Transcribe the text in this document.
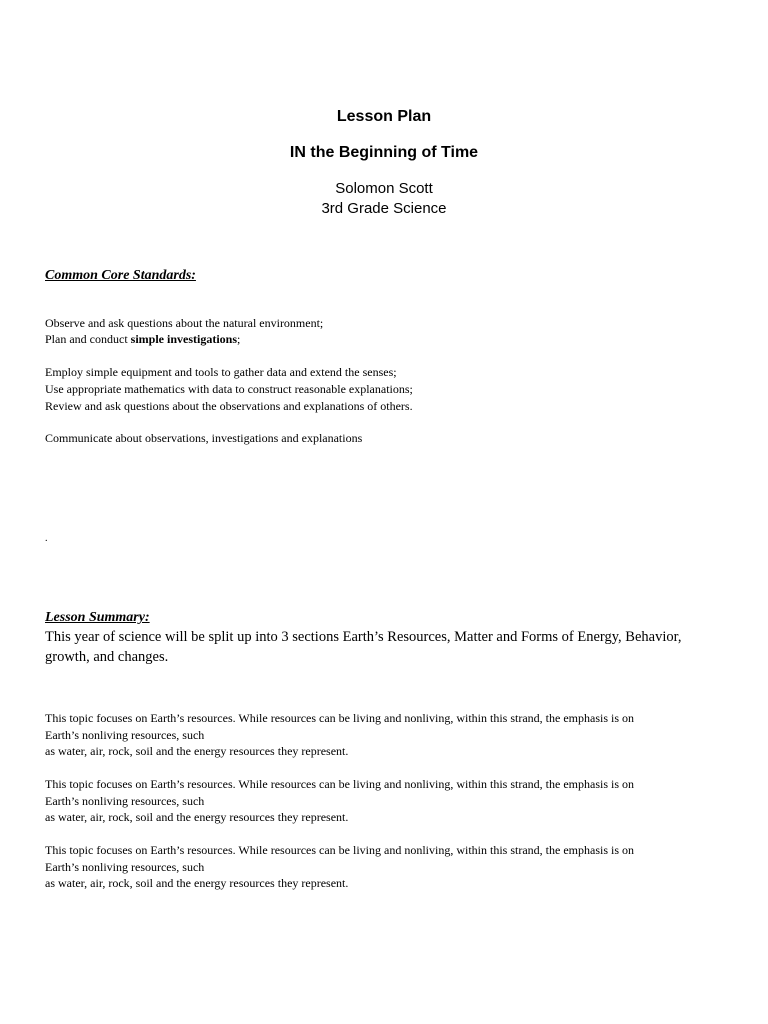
Lesson Plan
IN the Beginning of Time
Solomon Scott
3rd Grade Science
Common Core Standards:
Observe and ask questions about the natural environment;
Plan and conduct simple investigations;
Employ simple equipment and tools to gather data and extend the senses;
Use appropriate mathematics with data to construct reasonable explanations;
Review and ask questions about the observations and explanations of others.
Communicate about observations, investigations and explanations
.
Lesson Summary:
This year of science will be split up into 3 sections Earth’s Resources, Matter and Forms of Energy, Behavior, growth, and changes.
This topic focuses on Earth’s resources. While resources can be living and nonliving, within this strand, the emphasis is on
Earth’s nonliving resources, such
as water, air, rock, soil and the energy resources they represent.
This topic focuses on Earth’s resources. While resources can be living and nonliving, within this strand, the emphasis is on
Earth’s nonliving resources, such
as water, air, rock, soil and the energy resources they represent.
This topic focuses on Earth’s resources. While resources can be living and nonliving, within this strand, the emphasis is on
Earth’s nonliving resources, such
as water, air, rock, soil and the energy resources they represent.
